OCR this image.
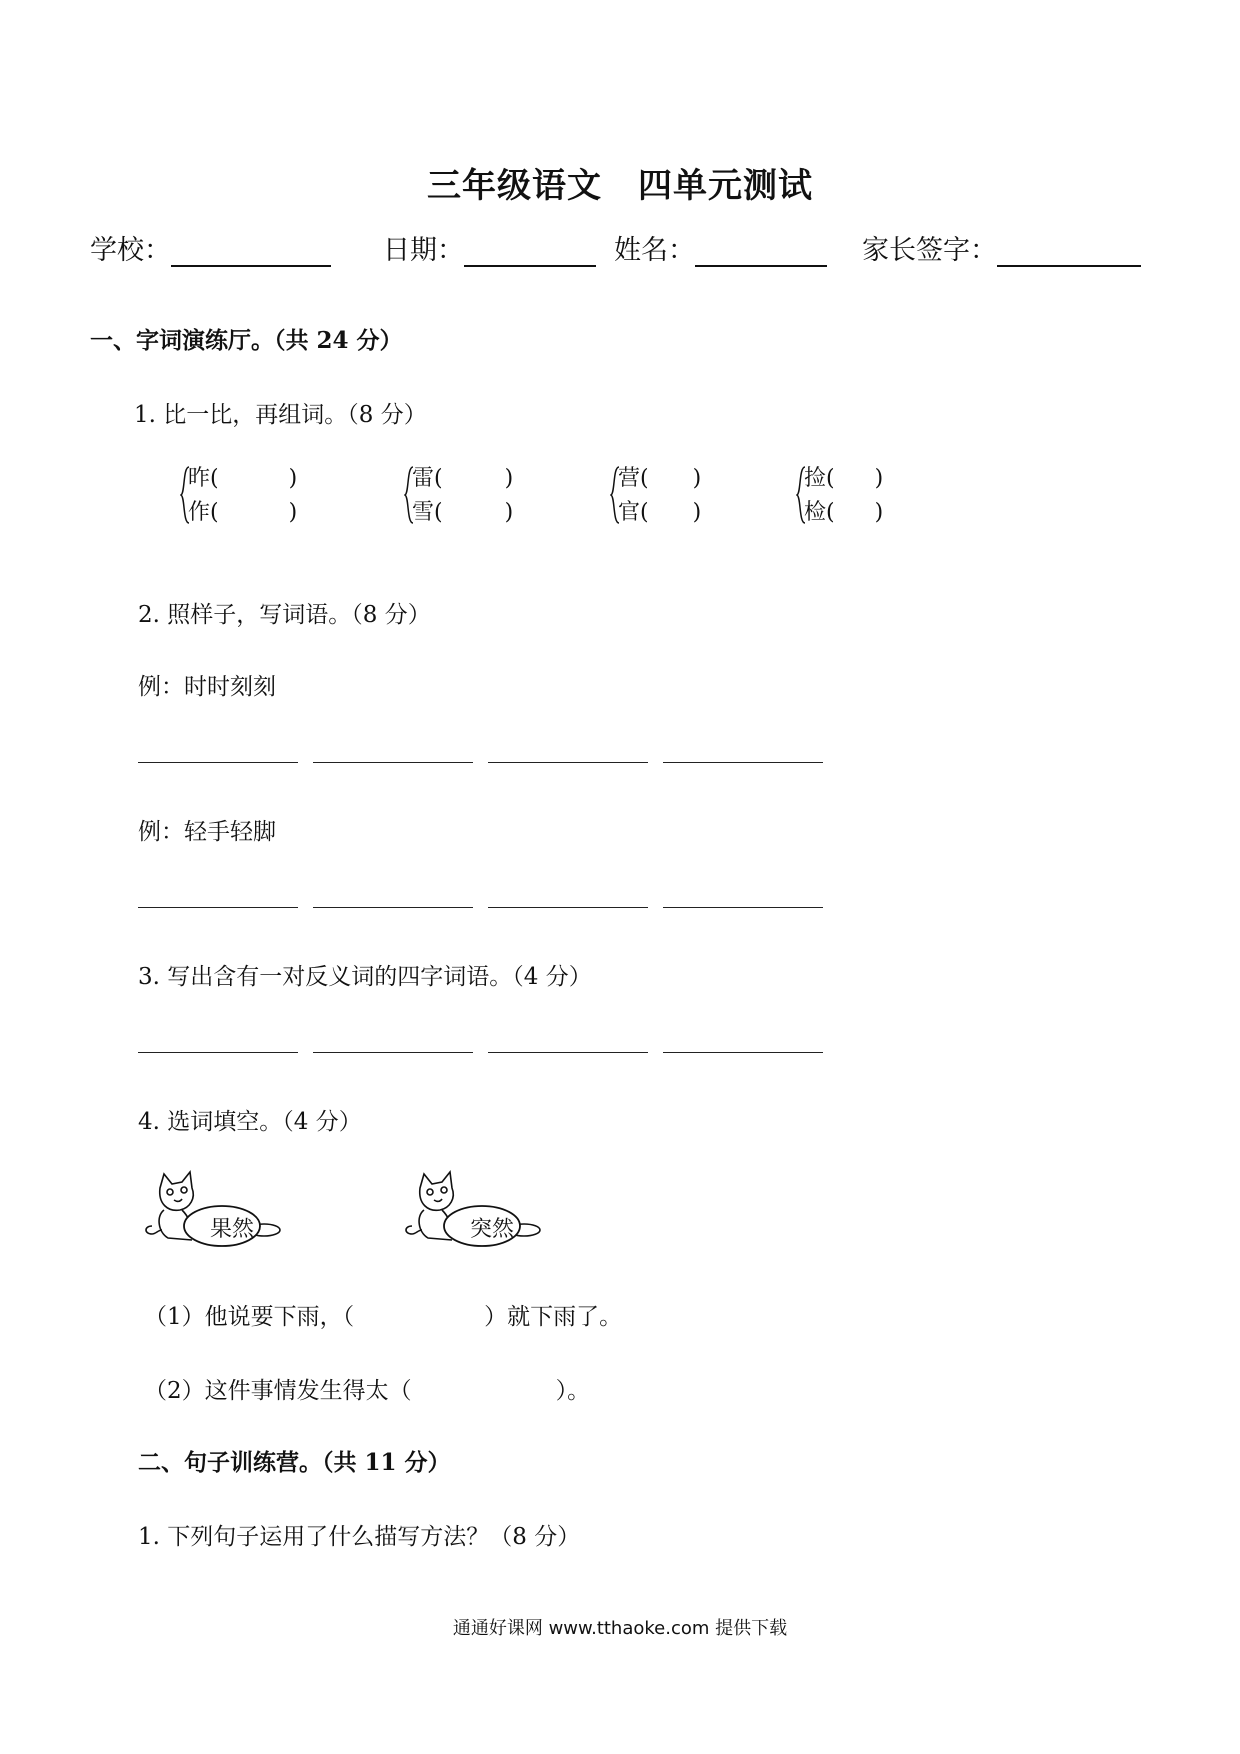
三年级语文 四单元测试
学校：	日期：	姓名：	家长签字：
一、字词演练厅。（共 24 分）
1. 比一比，再组词。（8 分）
昨(	)
作(	)
雷(	)
雪(	)
营( )
官( )
捡( )
检( )
2. 照样子，写词语。（8 分）
例：时时刻刻
例：轻手轻脚
3. 写出含有一对反义词的四字词语。（4 分）
4. 选词填空。（4 分）
果然	突然
（1）他说要下雨，（	）就下雨了。
（2）这件事情发生得太（	）。
二、句子训练营。（共 11 分）
1. 下列句子运用了什么描写方法？（8 分）
通通好课网 www.tthaoke.com 提供下载
